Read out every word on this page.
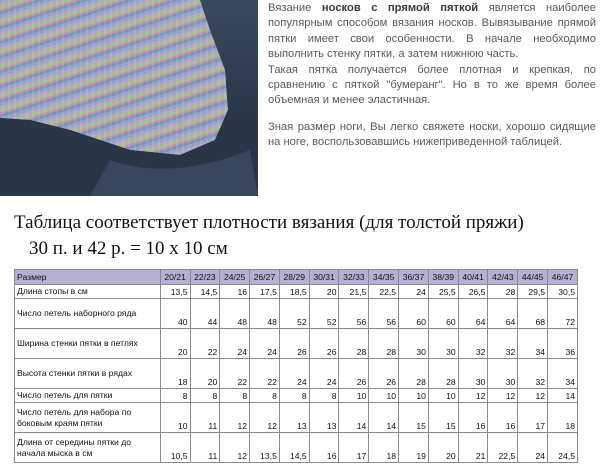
Вязание носков с прямой пяткой является наиболее популярным способом вязания носков. Вывязывание прямой пятки имеет свои особенности. В начале необходимо выполнить стенку пятки, а затем нижнюю часть.

Такая пятка получается более плотная и крепкая, по сравнению с пяткой "бумеранг". Но в то же время более объемная и менее эластичная.

Зная размер ноги, Вы легко свяжете носки, хорошо сидящие на ноге, воспользовавшись нижеприведенной таблицей.

Таблица соответствует плотности вязания (для толстой пряжи)
30 п. и 42 р. = 10 х 10 см
Размер	20/21	22/23	24/25	26/27	28/29	30/31	32/33	34/35	36/37	38/39	40/41	42/43	44/45	46/47
Длина стопы в см	13,5	14,5	16	17,5	18,5	20	21,5	22,5	24	25,5	26,5	28	29,5	30,5
Число петель наборного ряда	40	44	48	48	52	52	56	56	60	60	64	64	68	72
Ширина стенки пятки в петлях	20	22	24	24	26	26	28	28	30	30	32	32	34	36
Высота стенки пятки в рядах	18	20	22	22	24	24	26	26	28	28	30	30	32	34
Число петель для пятки	8	8	8	8	8	8	10	10	10	10	12	12	12	14
Число петель для набора по боковым краям пятки	10	11	12	12	13	13	14	14	15	15	16	16	17	18
Длина от середины пятки до начала мыска в см	10,5	11	12	13,5	14,5	16	17	18	19	20	21	22,5	24	24,5
